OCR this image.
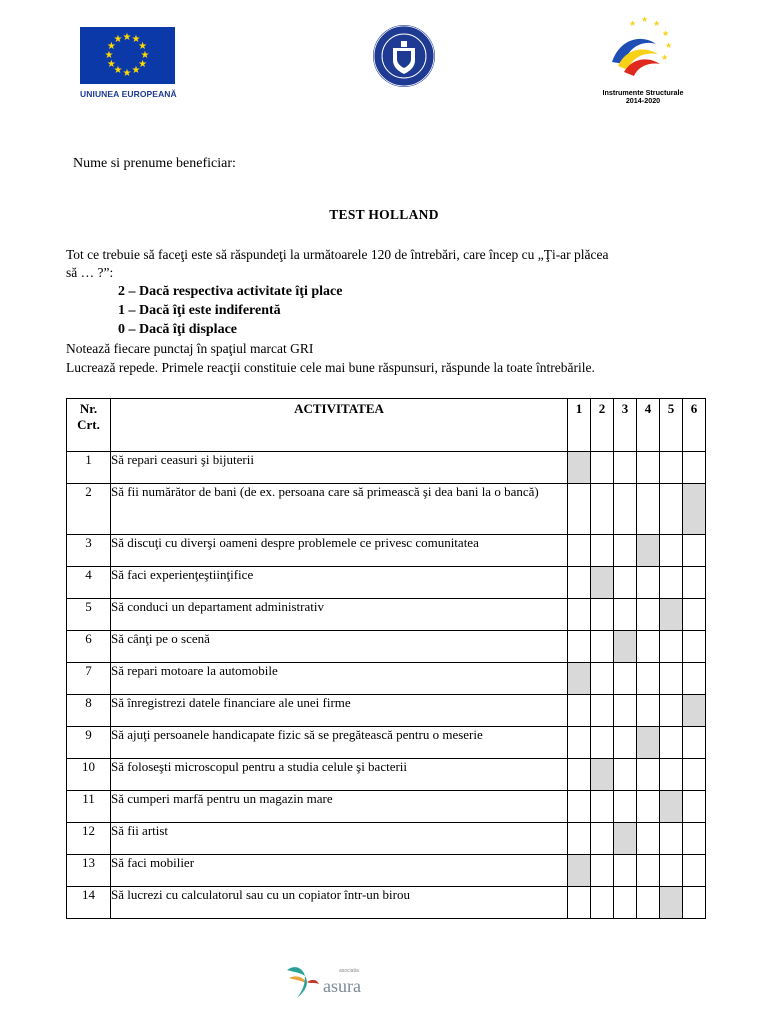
★ ★
★
★
★
★
★
★
★
★
★
★
UNIUNEA EUROPEANĂ
★ ★ ★
★
★
★
Instrumente Structurale
2014-2020
Nume si prenume beneficiar:
TEST HOLLAND
Tot ce trebuie să faceţi este să răspundeţi la următoarele 120 de întrebări, care încep cu „Ţi-ar plăcea
să … ?”:
2 – Dacă respectiva activitate îţi place
1 – Dacă îţi este indiferentă
0 – Dacă îţi displace
Notează fiecare punctaj în spaţiul marcat GRI
Lucrează repede. Primele reacţii constituie cele mai bune răspunsuri, răspunde la toate întrebările.
Nr.
Crt.	ACTIVITATEA	1	2	3	4	5	6
1	Să repari ceasuri şi bijuterii						
2	Să fii numărător de bani (de ex. persoana care să primească şi dea bani la o bancă)						
3	Să discuţi cu diverşi oameni despre problemele ce privesc comunitatea						
4	Să faci experienţeştiinţifice						
5	Să conduci un departament administrativ						
6	Să cânţi pe o scenă						
7	Să repari motoare la automobile						
8	Să înregistrezi datele financiare ale unei firme						
9	Să ajuţi persoanele handicapate fizic să se pregătească pentru o meserie						
10	Să foloseşti microscopul pentru a studia celule şi bacterii						
11	Să cumperi marfă pentru un magazin mare						
12	Să fii artist						
13	Să faci mobilier						
14	Să lucrezi cu calculatorul sau cu un copiator într-un birou						
asociatia
asura
